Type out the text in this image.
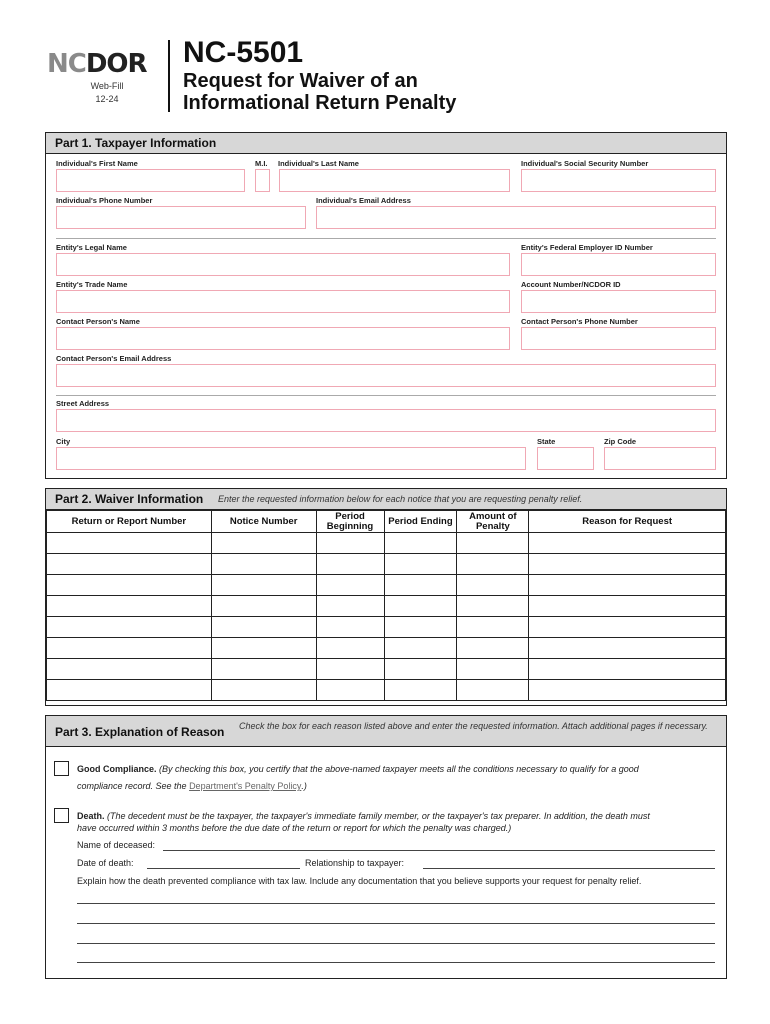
NCDOR
Web-Fill
12-24
NC-5501
Request for Waiver of an
Informational Return Penalty
Part 1. Taxpayer Information
Individual's First Name	M.I. Individual's Last Name	Individual's Social Security Number
Individual's Phone Number	Individual's Email Address
Entity's Legal Name	Entity's Federal Employer ID Number
Entity's Trade Name	Account Number/NCDOR ID
Contact Person's Name	Contact Person's Phone Number
Contact Person's Email Address
Street Address
City	State	Zip Code
Part 2. Waiver Information Enter the requested information below for each notice that you are requesting penalty relief.
Return or Report Number	Notice Number	Period Beginning	Period Ending	Amount of Penalty	Reason for Request

Part 3. Explanation of Reason Check the box for each reason listed above and enter the requested information. Attach additional pages if necessary.
Good Compliance. (By checking this box, you certify that the above-named taxpayer meets all the conditions necessary to qualify for a good
compliance record. See the Department's Penalty Policy.)
Death. (The decedent must be the taxpayer, the taxpayer's immediate family member, or the taxpayer's tax preparer. In addition, the death must
have occurred within 3 months before the due date of the return or report for which the penalty was charged.)
Name of deceased:
Date of death:	Relationship to taxpayer:
Explain how the death prevented compliance with tax law. Include any documentation that you believe supports your request for penalty relief.
